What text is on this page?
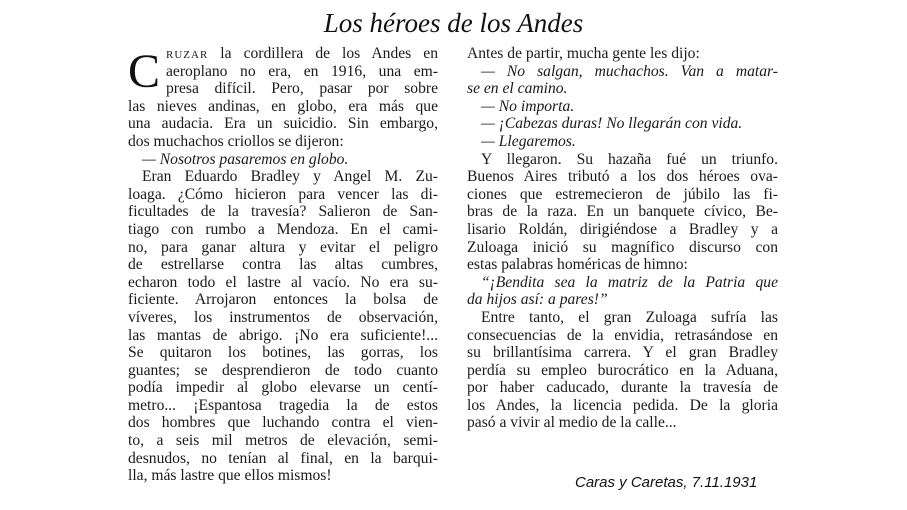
Los héroes de los Andes
C RUZAR la cordillera de los Andes en
aeroplano no era, en 1916, una em-
presa difícil. Pero, pasar por sobre
las nieves andinas, en globo, era más que
una audacia. Era un suicidio. Sin embargo,
dos muchachos criollos se dijeron:
— Nosotros pasaremos en globo.
Eran Eduardo Bradley y Angel M. Zu-
loaga. ¿Cómo hicieron para vencer las di-
ficultades de la travesía? Salieron de San-
tiago con rumbo a Mendoza. En el cami-
no, para ganar altura y evitar el peligro
de estrellarse contra las altas cumbres,
echaron todo el lastre al vacío. No era su-
ficiente. Arrojaron entonces la bolsa de
víveres, los instrumentos de observación,
las mantas de abrigo. ¡No era suficiente!...
Se quitaron los botines, las gorras, los
guantes; se desprendieron de todo cuanto
podía impedir al globo elevarse un centí-
metro... ¡Espantosa tragedia la de estos
dos hombres que luchando contra el vien-
to, a seis mil metros de elevación, semi-
desnudos, no tenían al final, en la barqui-
lla, más lastre que ellos mismos!
Antes de partir, mucha gente les dijo:
— No salgan, muchachos. Van a matar-
se en el camino.
— No importa.
— ¡Cabezas duras! No llegarán con vida.
— Llegaremos.
Y llegaron. Su hazaña fué un triunfo.
Buenos Aires tributó a los dos héroes ova-
ciones que estremecieron de júbilo las fi-
bras de la raza. En un banquete cívico, Be-
lisario Roldán, dirigiéndose a Bradley y a
Zuloaga inició su magnífico discurso con
estas palabras homéricas de himno:
“¡Bendita sea la matriz de la Patria que
da hijos así: a pares!”
Entre tanto, el gran Zuloaga sufría las
consecuencias de la envidia, retrasándose en
su brillantísima carrera. Y el gran Bradley
perdía su empleo burocrático en la Aduana,
por haber caducado, durante la travesía de
los Andes, la licencia pedida. De la gloria
pasó a vivir al medio de la calle...
Caras y Caretas, 7.11.1931
